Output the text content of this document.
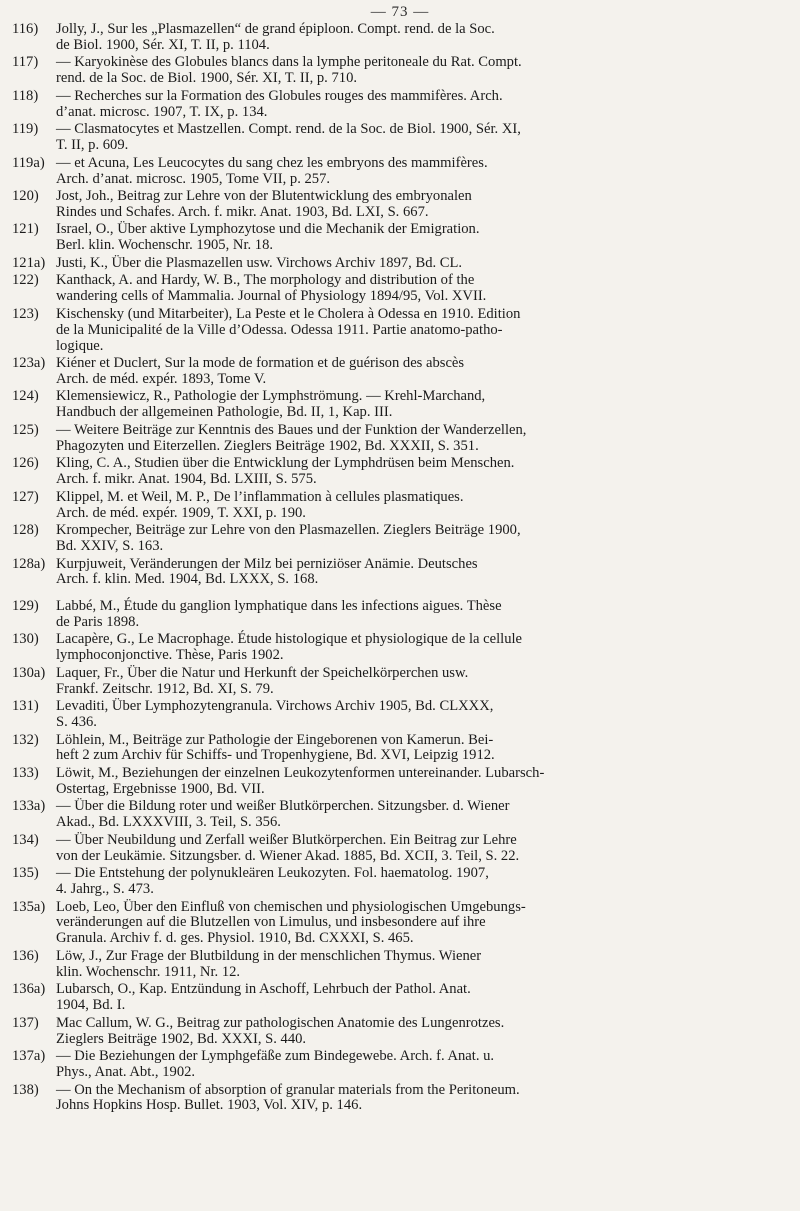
— 73 —
116) Jolly, J., Sur les „Plasmazellen“ de grand épiploon. Compt. rend. de la Soc.
de Biol. 1900, Sér. XI, T. II, p. 1104.
117) — Karyokinèse des Globules blancs dans la lymphe peritoneale du Rat. Compt.
rend. de la Soc. de Biol. 1900, Sér. XI, T. II, p. 710.
118) — Recherches sur la Formation des Globules rouges des mammifères. Arch.
d’anat. microsc. 1907, T. IX, p. 134.
119) — Clasmatocytes et Mastzellen. Compt. rend. de la Soc. de Biol. 1900, Sér. XI,
T. II, p. 609.
119a) — et Acuna, Les Leucocytes du sang chez les embryons des mammifères.
Arch. d’anat. microsc. 1905, Tome VII, p. 257.
120) Jost, Joh., Beitrag zur Lehre von der Blutentwicklung des embryonalen
Rindes und Schafes. Arch. f. mikr. Anat. 1903, Bd. LXI, S. 667.
121) Israel, O., Über aktive Lymphozytose und die Mechanik der Emigration.
Berl. klin. Wochenschr. 1905, Nr. 18.
121a) Justi, K., Über die Plasmazellen usw. Virchows Archiv 1897, Bd. CL.
122) Kanthack, A. and Hardy, W. B., The morphology and distribution of the
wandering cells of Mammalia. Journal of Physiology 1894/95, Vol. XVII.
123) Kischensky (und Mitarbeiter), La Peste et le Cholera à Odessa en 1910. Edition
de la Municipalité de la Ville d’Odessa. Odessa 1911. Partie anatomo-patho-
logique.
123a) Kiéner et Duclert, Sur la mode de formation et de guérison des abscès
Arch. de méd. expér. 1893, Tome V.
124) Klemensiewicz, R., Pathologie der Lymphströmung. — Krehl-Marchand,
Handbuch der allgemeinen Pathologie, Bd. II, 1, Kap. III.
125) — Weitere Beiträge zur Kenntnis des Baues und der Funktion der Wanderzellen,
Phagozyten und Eiterzellen. Zieglers Beiträge 1902, Bd. XXXII, S. 351.
126) Kling, C. A., Studien über die Entwicklung der Lymphdrüsen beim Menschen.
Arch. f. mikr. Anat. 1904, Bd. LXIII, S. 575.
127) Klippel, M. et Weil, M. P., De l’inflammation à cellules plasmatiques.
Arch. de méd. expér. 1909, T. XXI, p. 190.
128) Krompecher, Beiträge zur Lehre von den Plasmazellen. Zieglers Beiträge 1900,
Bd. XXIV, S. 163.
128a) Kurpjuweit, Veränderungen der Milz bei perniziöser Anämie. Deutsches
Arch. f. klin. Med. 1904, Bd. LXXX, S. 168.
129) Labbé, M., Étude du ganglion lymphatique dans les infections aigues. Thèse
de Paris 1898.
130) Lacapère, G., Le Macrophage. Étude histologique et physiologique de la cellule
lymphoconjonctive. Thèse, Paris 1902.
130a) Laquer, Fr., Über die Natur und Herkunft der Speichelkörperchen usw.
Frankf. Zeitschr. 1912, Bd. XI, S. 79.
131) Levaditi, Über Lymphozytengranula. Virchows Archiv 1905, Bd. CLXXX,
S. 436.
132) Löhlein, M., Beiträge zur Pathologie der Eingeborenen von Kamerun. Bei-
heft 2 zum Archiv für Schiffs- und Tropenhygiene, Bd. XVI, Leipzig 1912.
133) Löwit, M., Beziehungen der einzelnen Leukozytenformen untereinander. Lubarsch-
Ostertag, Ergebnisse 1900, Bd. VII.
133a) — Über die Bildung roter und weißer Blutkörperchen. Sitzungsber. d. Wiener
Akad., Bd. LXXXVIII, 3. Teil, S. 356.
134) — Über Neubildung und Zerfall weißer Blutkörperchen. Ein Beitrag zur Lehre
von der Leukämie. Sitzungsber. d. Wiener Akad. 1885, Bd. XCII, 3. Teil, S. 22.
135) — Die Entstehung der polynukleären Leukozyten. Fol. haematolog. 1907,
4. Jahrg., S. 473.
135a) Loeb, Leo, Über den Einfluß von chemischen und physiologischen Umgebungs-
veränderungen auf die Blutzellen von Limulus, und insbesondere auf ihre
Granula. Archiv f. d. ges. Physiol. 1910, Bd. CXXXI, S. 465.
136) Löw, J., Zur Frage der Blutbildung in der menschlichen Thymus. Wiener
klin. Wochenschr. 1911, Nr. 12.
136a) Lubarsch, O., Kap. Entzündung in Aschoff, Lehrbuch der Pathol. Anat.
1904, Bd. I.
137) Mac Callum, W. G., Beitrag zur pathologischen Anatomie des Lungenrotzes.
Zieglers Beiträge 1902, Bd. XXXI, S. 440.
137a) — Die Beziehungen der Lymphgefäße zum Bindegewebe. Arch. f. Anat. u.
Phys., Anat. Abt., 1902.
138) — On the Mechanism of absorption of granular materials from the Peritoneum.
Johns Hopkins Hosp. Bullet. 1903, Vol. XIV, p. 146.
